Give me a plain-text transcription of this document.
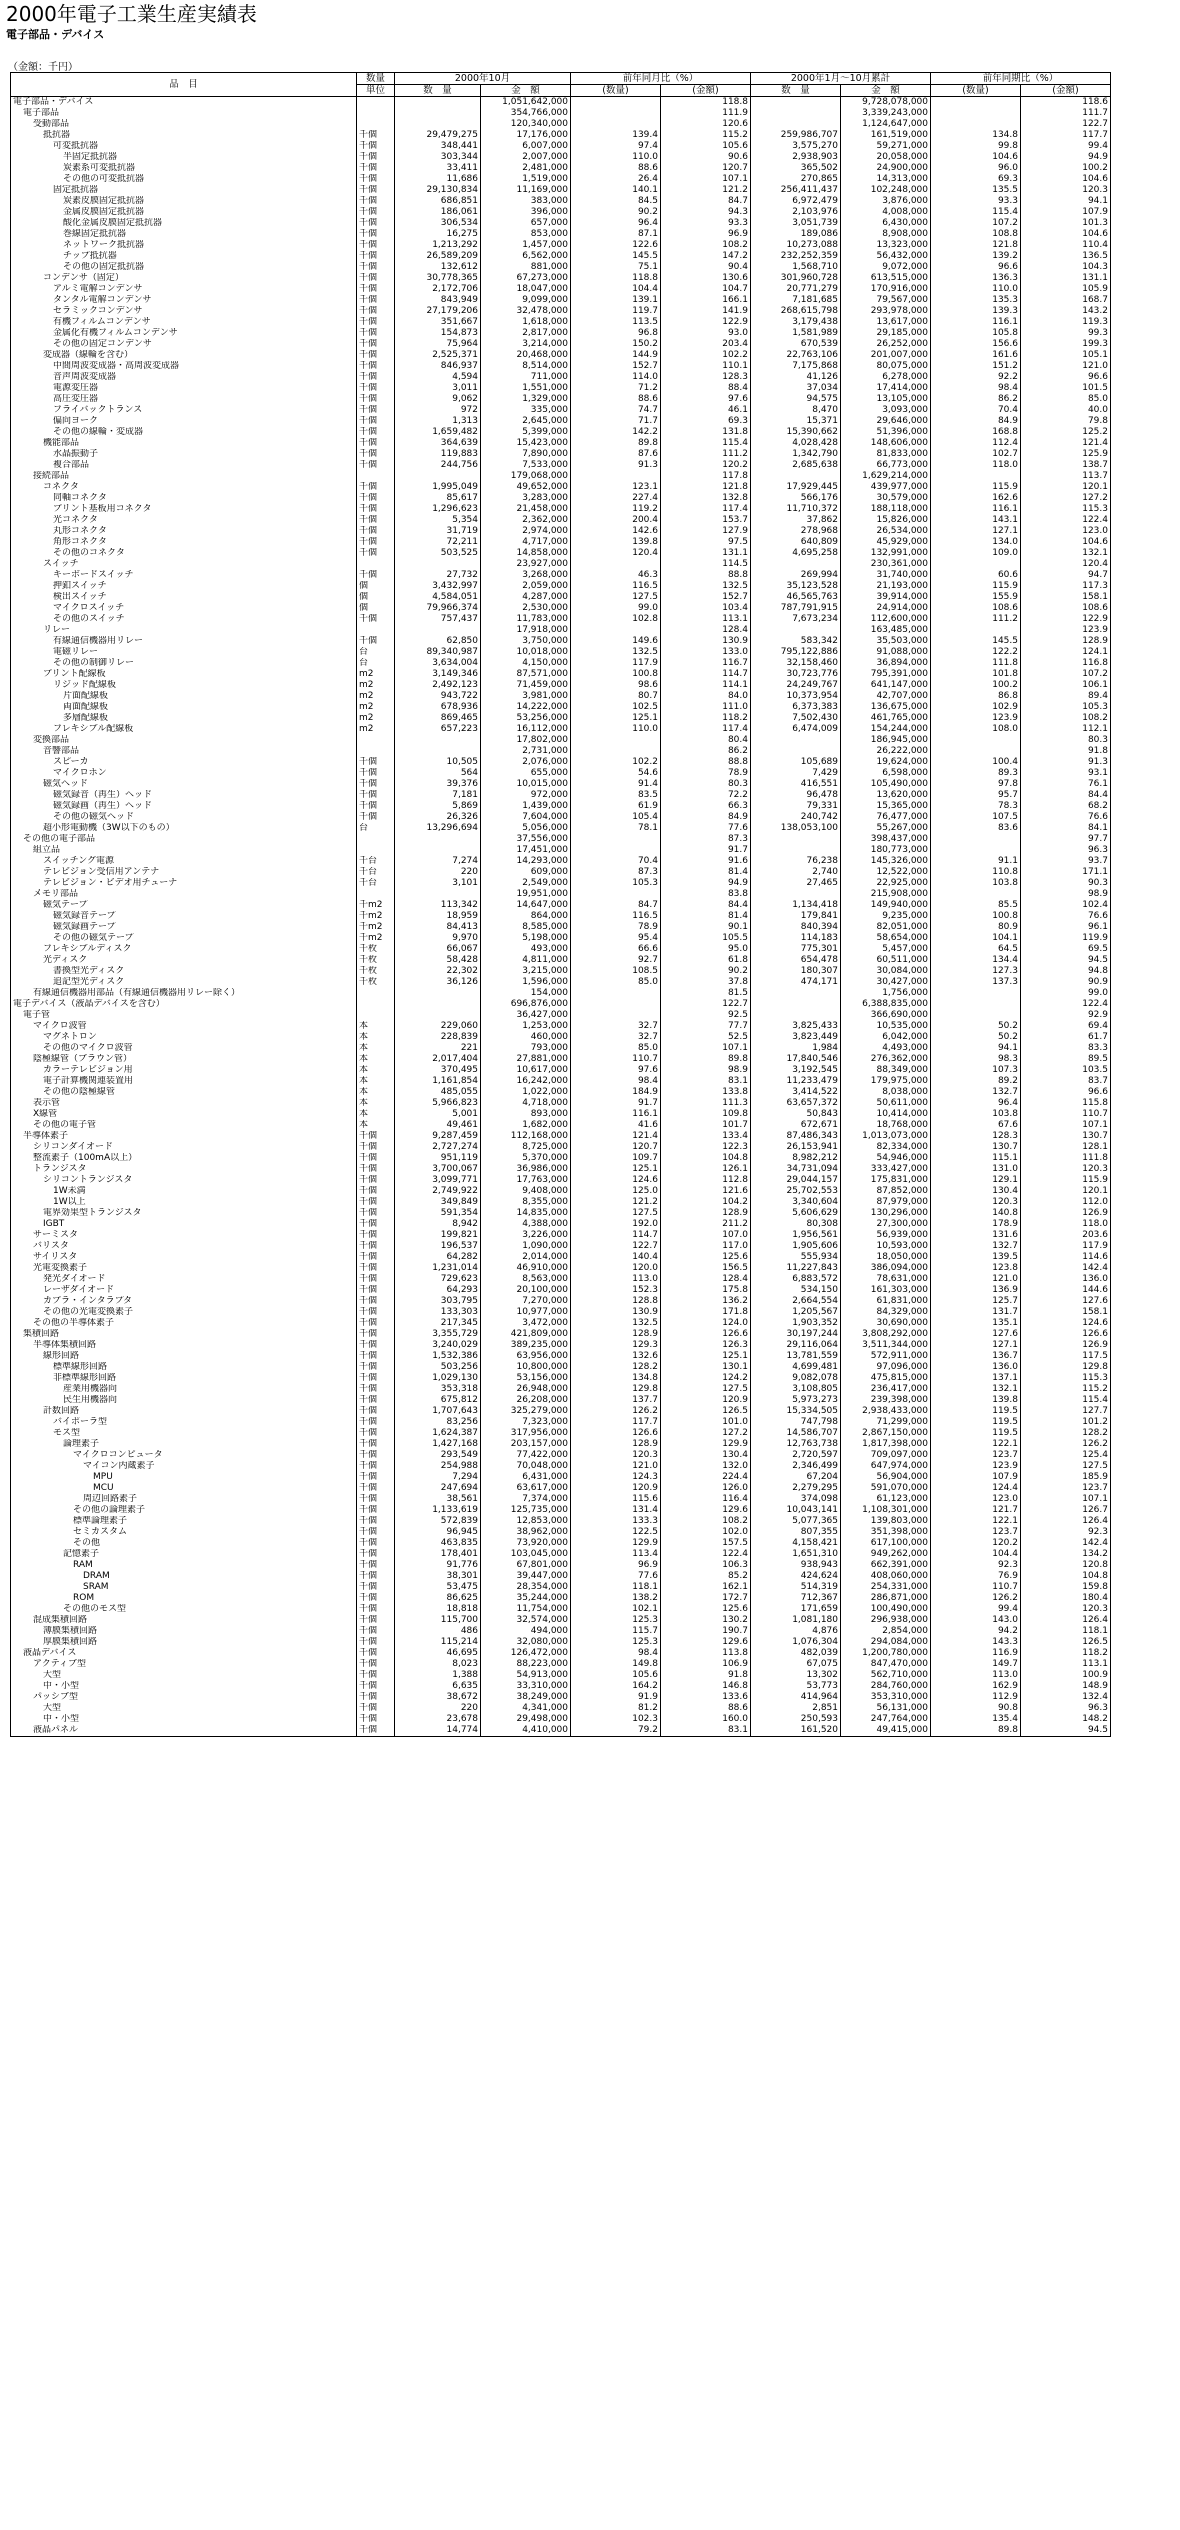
2000年電子工業生産実績表
電子部品・デバイス
（金額：千円）
品　目	数量	2000年10月		前年同月比（%）		2000年1月～10月累計		前年同期比（%）	
	単位	数　量	金　額	(数量)	(金額)	数　量	金　額	(数量)	(金額)
電子部品・デバイス			1,051,642,000		118.8		9,728,078,000		118.6
電子部品			354,766,000		111.9		3,339,243,000		111.7
受動部品			120,340,000		120.6		1,124,647,000		122.7
抵抗器	千個	29,479,275	17,176,000	139.4	115.2	259,986,707	161,519,000	134.8	117.7
可変抵抗器	千個	348,441	6,007,000	97.4	105.6	3,575,270	59,271,000	99.8	99.4
半固定抵抗器	千個	303,344	2,007,000	110.0	90.6	2,938,903	20,058,000	104.6	94.9
炭素系可変抵抗器	千個	33,411	2,481,000	88.6	120.7	365,502	24,900,000	96.0	100.2
その他の可変抵抗器	千個	11,686	1,519,000	26.4	107.1	270,865	14,313,000	69.3	104.6
固定抵抗器	千個	29,130,834	11,169,000	140.1	121.2	256,411,437	102,248,000	135.5	120.3
炭素皮膜固定抵抗器	千個	686,851	383,000	84.5	84.7	6,972,479	3,876,000	93.3	94.1
金属皮膜固定抵抗器	千個	186,061	396,000	90.2	94.3	2,103,976	4,008,000	115.4	107.9
酸化金属皮膜固定抵抗器	千個	306,534	657,000	96.4	93.3	3,051,739	6,430,000	107.2	101.3
巻線固定抵抗器	千個	16,275	853,000	87.1	96.9	189,086	8,908,000	108.8	104.6
ネットワーク抵抗器	千個	1,213,292	1,457,000	122.6	108.2	10,273,088	13,323,000	121.8	110.4
チップ抵抗器	千個	26,589,209	6,562,000	145.5	147.2	232,252,359	56,432,000	139.2	136.5
その他の固定抵抗器	千個	132,612	881,000	75.1	90.4	1,568,710	9,072,000	96.6	104.3
コンデンサ（固定）	千個	30,778,365	67,273,000	118.8	130.6	301,960,728	613,515,000	136.3	131.1
アルミ電解コンデンサ	千個	2,172,706	18,047,000	104.4	104.7	20,771,279	170,916,000	110.0	105.9
タンタル電解コンデンサ	千個	843,949	9,099,000	139.1	166.1	7,181,685	79,567,000	135.3	168.7
セラミックコンデンサ	千個	27,179,206	32,478,000	119.7	141.9	268,615,798	293,978,000	139.3	143.2
有機フィルムコンデンサ	千個	351,667	1,618,000	113.5	122.9	3,179,438	13,617,000	116.1	119.3
金属化有機フィルムコンデンサ	千個	154,873	2,817,000	96.8	93.0	1,581,989	29,185,000	105.8	99.3
その他の固定コンデンサ	千個	75,964	3,214,000	150.2	203.4	670,539	26,252,000	156.6	199.3
変成器（線輪を含む）	千個	2,525,371	20,468,000	144.9	102.2	22,763,106	201,007,000	161.6	105.1
中間周波変成器・高周波変成器	千個	846,937	8,514,000	152.7	110.1	7,175,868	80,075,000	151.2	121.0
音声周波変成器	千個	4,594	711,000	114.0	128.3	41,126	6,278,000	92.2	96.6
電源変圧器	千個	3,011	1,551,000	71.2	88.4	37,034	17,414,000	98.4	101.5
高圧変圧器	千個	9,062	1,329,000	88.6	97.6	94,575	13,105,000	86.2	85.0
フライバックトランス	千個	972	335,000	74.7	46.1	8,470	3,093,000	70.4	40.0
偏向ヨーク	千個	1,313	2,645,000	71.7	69.3	15,371	29,646,000	84.9	79.8
その他の線輪・変成器	千個	1,659,482	5,399,000	142.2	131.8	15,390,662	51,396,000	168.8	125.2
機能部品	千個	364,639	15,423,000	89.8	115.4	4,028,428	148,606,000	112.4	121.4
水晶振動子	千個	119,883	7,890,000	87.6	111.2	1,342,790	81,833,000	102.7	125.9
複合部品	千個	244,756	7,533,000	91.3	120.2	2,685,638	66,773,000	118.0	138.7
接続部品			179,068,000		117.8		1,629,214,000		113.7
コネクタ	千個	1,995,049	49,652,000	123.1	121.8	17,929,445	439,977,000	115.9	120.1
同軸コネクタ	千個	85,617	3,283,000	227.4	132.8	566,176	30,579,000	162.6	127.2
プリント基板用コネクタ	千個	1,296,623	21,458,000	119.2	117.4	11,710,372	188,118,000	116.1	115.3
光コネクタ	千個	5,354	2,362,000	200.4	153.7	37,862	15,826,000	143.1	122.4
丸形コネクタ	千個	31,719	2,974,000	142.6	127.9	278,968	26,534,000	127.1	123.0
角形コネクタ	千個	72,211	4,717,000	139.8	97.5	640,809	45,929,000	134.0	104.6
その他のコネクタ	千個	503,525	14,858,000	120.4	131.1	4,695,258	132,991,000	109.0	132.1
スイッチ			23,927,000		114.5		230,361,000		120.4
キーボードスイッチ	千個	27,732	3,268,000	46.3	88.8	269,994	31,740,000	60.6	94.7
押釦スイッチ	個	3,432,997	2,059,000	116.5	132.5	35,123,528	21,193,000	115.9	117.3
検出スイッチ	個	4,584,051	4,287,000	127.5	152.7	46,565,763	39,914,000	155.9	158.1
マイクロスイッチ	個	79,966,374	2,530,000	99.0	103.4	787,791,915	24,914,000	108.6	108.6
その他のスイッチ	千個	757,437	11,783,000	102.8	113.1	7,673,234	112,600,000	111.2	122.9
リレー			17,918,000		128.4		163,485,000		123.9
有線通信機器用リレー	千個	62,850	3,750,000	149.6	130.9	583,342	35,503,000	145.5	128.9
電磁リレー	台	89,340,987	10,018,000	132.5	133.0	795,122,886	91,088,000	122.2	124.1
その他の制御リレー	台	3,634,004	4,150,000	117.9	116.7	32,158,460	36,894,000	111.8	116.8
プリント配線板	m2	3,149,346	87,571,000	100.8	114.7	30,723,776	795,391,000	101.8	107.2
リジッド配線板	m2	2,492,123	71,459,000	98.6	114.1	24,249,767	641,147,000	100.2	106.1
片面配線板	m2	943,722	3,981,000	80.7	84.0	10,373,954	42,707,000	86.8	89.4
両面配線板	m2	678,936	14,222,000	102.5	111.0	6,373,383	136,675,000	102.9	105.3
多層配線板	m2	869,465	53,256,000	125.1	118.2	7,502,430	461,765,000	123.9	108.2
フレキシブル配線板	m2	657,223	16,112,000	110.0	117.4	6,474,009	154,244,000	108.0	112.1
変換部品			17,802,000		80.4		186,945,000		80.3
音響部品			2,731,000		86.2		26,222,000		91.8
スピーカ	千個	10,505	2,076,000	102.2	88.8	105,689	19,624,000	100.4	91.3
マイクロホン	千個	564	655,000	54.6	78.9	7,429	6,598,000	89.3	93.1
磁気ヘッド	千個	39,376	10,015,000	91.4	80.3	416,551	105,490,000	97.8	76.1
磁気録音（再生）ヘッド	千個	7,181	972,000	83.5	72.2	96,478	13,620,000	95.7	84.4
磁気録画（再生）ヘッド	千個	5,869	1,439,000	61.9	66.3	79,331	15,365,000	78.3	68.2
その他の磁気ヘッド	千個	26,326	7,604,000	105.4	84.9	240,742	76,477,000	107.5	76.6
超小形電動機（3W以下のもの）	台	13,296,694	5,056,000	78.1	77.6	138,053,100	55,267,000	83.6	84.1
その他の電子部品			37,556,000		87.3		398,437,000		97.7
組立品			17,451,000		91.7		180,773,000		96.3
スイッチング電源	千台	7,274	14,293,000	70.4	91.6	76,238	145,326,000	91.1	93.7
テレビジョン受信用アンテナ	千台	220	609,000	87.3	81.4	2,740	12,522,000	110.8	171.1
テレビジョン・ビデオ用チューナ	千台	3,101	2,549,000	105.3	94.9	27,465	22,925,000	103.8	90.3
メモリ部品			19,951,000		83.8		215,908,000		98.9
磁気テープ	千m2	113,342	14,647,000	84.7	84.4	1,134,418	149,940,000	85.5	102.4
磁気録音テープ	千m2	18,959	864,000	116.5	81.4	179,841	9,235,000	100.8	76.6
磁気録画テープ	千m2	84,413	8,585,000	78.9	90.1	840,394	82,051,000	80.9	96.1
その他の磁気テープ	千m2	9,970	5,198,000	95.4	105.5	114,183	58,654,000	104.1	119.9
フレキシブルディスク	千枚	66,067	493,000	66.6	95.0	775,301	5,457,000	64.5	69.5
光ディスク	千枚	58,428	4,811,000	92.7	61.8	654,478	60,511,000	134.4	94.5
書換型光ディスク	千枚	22,302	3,215,000	108.5	90.2	180,307	30,084,000	127.3	94.8
追記型光ディスク	千枚	36,126	1,596,000	85.0	37.8	474,171	30,427,000	137.3	90.9
有線通信機器用部品（有線通信機器用リレー除く）			154,000		81.5		1,756,000		99.0
電子デバイス（液晶デバイスを含む）			696,876,000		122.7		6,388,835,000		122.4
電子管			36,427,000		92.5		366,690,000		92.9
マイクロ波管	本	229,060	1,253,000	32.7	77.7	3,825,433	10,535,000	50.2	69.4
マグネトロン	本	228,839	460,000	32.7	52.5	3,823,449	6,042,000	50.2	61.7
その他のマイクロ波管	本	221	793,000	85.0	107.1	1,984	4,493,000	94.1	83.3
陰極線管（ブラウン管）	本	2,017,404	27,881,000	110.7	89.8	17,840,546	276,362,000	98.3	89.5
カラーテレビジョン用	本	370,495	10,617,000	97.6	98.9	3,192,545	88,349,000	107.3	103.5
電子計算機関連装置用	本	1,161,854	16,242,000	98.4	83.1	11,233,479	179,975,000	89.2	83.7
その他の陰極線管	本	485,055	1,022,000	184.9	133.8	3,414,522	8,038,000	132.7	96.6
表示管	本	5,966,823	4,718,000	91.7	111.3	63,657,372	50,611,000	96.4	115.8
X線管	本	5,001	893,000	116.1	109.8	50,843	10,414,000	103.8	110.7
その他の電子管	本	49,461	1,682,000	41.6	101.7	672,671	18,768,000	67.6	107.1
半導体素子	千個	9,287,459	112,168,000	121.4	133.4	87,486,343	1,013,073,000	128.3	130.7
シリコンダイオード	千個	2,727,274	8,725,000	120.7	122.3	26,153,941	82,334,000	130.7	128.1
整流素子（100mA以上）	千個	951,119	5,370,000	109.7	104.8	8,982,212	54,946,000	115.1	111.8
トランジスタ	千個	3,700,067	36,986,000	125.1	126.1	34,731,094	333,427,000	131.0	120.3
シリコントランジスタ	千個	3,099,771	17,763,000	124.6	112.8	29,044,157	175,831,000	129.1	115.9
1W未満	千個	2,749,922	9,408,000	125.0	121.6	25,702,553	87,852,000	130.4	120.1
1W以上	千個	349,849	8,355,000	121.2	104.2	3,340,604	87,979,000	120.3	112.0
電界効果型トランジスタ	千個	591,354	14,835,000	127.5	128.9	5,606,629	130,296,000	140.8	126.9
IGBT	千個	8,942	4,388,000	192.0	211.2	80,308	27,300,000	178.9	118.0
サーミスタ	千個	199,821	3,226,000	114.7	107.0	1,956,561	56,939,000	131.6	203.6
バリスタ	千個	196,537	1,090,000	122.7	117.0	1,905,606	10,593,000	132.7	117.9
サイリスタ	千個	64,282	2,014,000	140.4	125.6	555,934	18,050,000	139.5	114.6
光電変換素子	千個	1,231,014	46,910,000	120.0	156.5	11,227,843	386,094,000	123.8	142.4
発光ダイオード	千個	729,623	8,563,000	113.0	128.4	6,883,572	78,631,000	121.0	136.0
レーザダイオード	千個	64,293	20,100,000	152.3	175.8	534,150	161,303,000	136.9	144.6
カプラ・インタラプタ	千個	303,795	7,270,000	128.8	136.2	2,664,554	61,831,000	125.7	127.6
その他の光電変換素子	千個	133,303	10,977,000	130.9	171.8	1,205,567	84,329,000	131.7	158.1
その他の半導体素子	千個	217,345	3,472,000	132.5	124.0	1,903,352	30,690,000	135.1	124.6
集積回路	千個	3,355,729	421,809,000	128.9	126.6	30,197,244	3,808,292,000	127.6	126.6
半導体集積回路	千個	3,240,029	389,235,000	129.3	126.3	29,116,064	3,511,344,000	127.1	126.9
線形回路	千個	1,532,386	63,956,000	132.6	125.1	13,781,559	572,911,000	136.7	117.5
標準線形回路	千個	503,256	10,800,000	128.2	130.1	4,699,481	97,096,000	136.0	129.8
非標準線形回路	千個	1,029,130	53,156,000	134.8	124.2	9,082,078	475,815,000	137.1	115.3
産業用機器向	千個	353,318	26,948,000	129.8	127.5	3,108,805	236,417,000	132.1	115.2
民生用機器向	千個	675,812	26,208,000	137.7	120.9	5,973,273	239,398,000	139.8	115.4
計数回路	千個	1,707,643	325,279,000	126.2	126.5	15,334,505	2,938,433,000	119.5	127.7
バイポーラ型	千個	83,256	7,323,000	117.7	101.0	747,798	71,299,000	119.5	101.2
モス型	千個	1,624,387	317,956,000	126.6	127.2	14,586,707	2,867,150,000	119.5	128.2
論理素子	千個	1,427,168	203,157,000	128.9	129.9	12,763,738	1,817,398,000	122.1	126.2
マイクロコンピュータ	千個	293,549	77,422,000	120.3	130.4	2,720,597	709,097,000	123.7	125.4
マイコン内蔵素子	千個	254,988	70,048,000	121.0	132.0	2,346,499	647,974,000	123.9	127.5
MPU	千個	7,294	6,431,000	124.3	224.4	67,204	56,904,000	107.9	185.9
MCU	千個	247,694	63,617,000	120.9	126.0	2,279,295	591,070,000	124.4	123.7
周辺回路素子	千個	38,561	7,374,000	115.6	116.4	374,098	61,123,000	123.0	107.1
その他の論理素子	千個	1,133,619	125,735,000	131.4	129.6	10,043,141	1,108,301,000	121.7	126.7
標準論理素子	千個	572,839	12,853,000	133.3	108.2	5,077,365	139,803,000	122.1	126.4
セミカスタム	千個	96,945	38,962,000	122.5	102.0	807,355	351,398,000	123.7	92.3
その他	千個	463,835	73,920,000	129.9	157.5	4,158,421	617,100,000	120.2	142.4
記憶素子	千個	178,401	103,045,000	113.4	122.4	1,651,310	949,262,000	104.4	134.2
RAM	千個	91,776	67,801,000	96.9	106.3	938,943	662,391,000	92.3	120.8
DRAM	千個	38,301	39,447,000	77.6	85.2	424,624	408,060,000	76.9	104.8
SRAM	千個	53,475	28,354,000	118.1	162.1	514,319	254,331,000	110.7	159.8
ROM	千個	86,625	35,244,000	138.2	172.7	712,367	286,871,000	126.2	180.4
その他のモス型	千個	18,818	11,754,000	102.1	125.6	171,659	100,490,000	99.4	120.3
混成集積回路	千個	115,700	32,574,000	125.3	130.2	1,081,180	296,938,000	143.0	126.4
薄膜集積回路	千個	486	494,000	115.7	190.7	4,876	2,854,000	94.2	118.1
厚膜集積回路	千個	115,214	32,080,000	125.3	129.6	1,076,304	294,084,000	143.3	126.5
液晶デバイス	千個	46,695	126,472,000	98.4	113.8	482,039	1,200,780,000	116.9	118.2
アクティブ型	千個	8,023	88,223,000	149.8	106.9	67,075	847,470,000	149.7	113.1
大型	千個	1,388	54,913,000	105.6	91.8	13,302	562,710,000	113.0	100.9
中・小型	千個	6,635	33,310,000	164.2	146.8	53,773	284,760,000	162.9	148.9
パッシブ型	千個	38,672	38,249,000	91.9	133.6	414,964	353,310,000	112.9	132.4
大型	千個	220	4,341,000	81.2	88.6	2,851	56,131,000	90.8	96.3
中・小型	千個	23,678	29,498,000	102.3	160.0	250,593	247,764,000	135.4	148.2
液晶パネル	千個	14,774	4,410,000	79.2	83.1	161,520	49,415,000	89.8	94.5
